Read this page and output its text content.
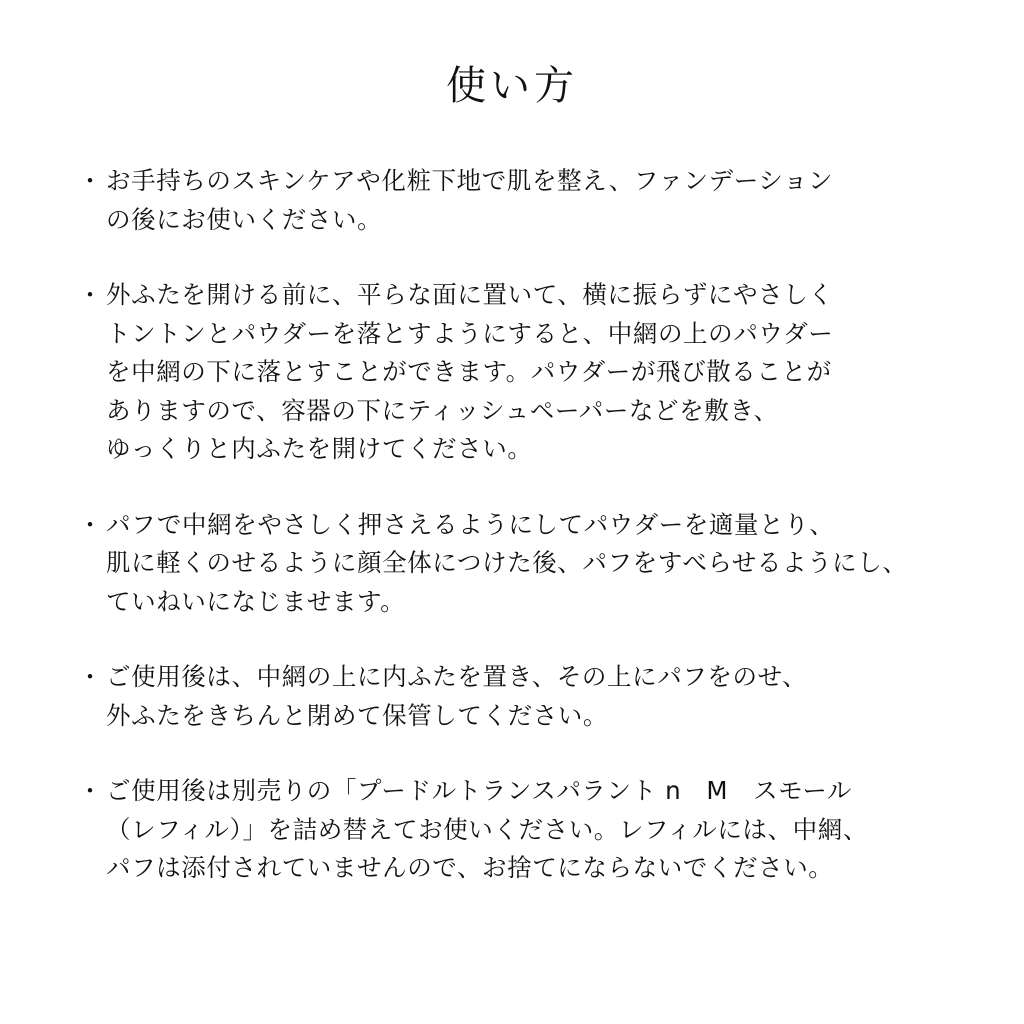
使い方
・ お手持ちのスキンケアや化粧下地で肌を整え、ファンデーション
の後にお使いください。
・ 外ふたを開ける前に、平らな面に置いて、横に振らずにやさしく
トントンとパウダーを落とすようにすると、中網の上のパウダー
を中網の下に落とすことができます。パウダーが飛び散ることが
ありますので、容器の下にティッシュペーパーなどを敷き、
ゆっくりと内ふたを開けてください。
・ パフで中網をやさしく押さえるようにしてパウダーを適量とり、
肌に軽くのせるように顔全体につけた後、パフをすべらせるようにし、
ていねいになじませます。
・ ご使用後は、中網の上に内ふたを置き、その上にパフをのせ、
外ふたをきちんと閉めて保管してください。
・ ご使用後は別売りの「プードルトランスパラント n　M　スモール
（レフィル）」を詰め替えてお使いください。レフィルには、中網、
パフは添付されていませんので、お捨てにならないでください。
